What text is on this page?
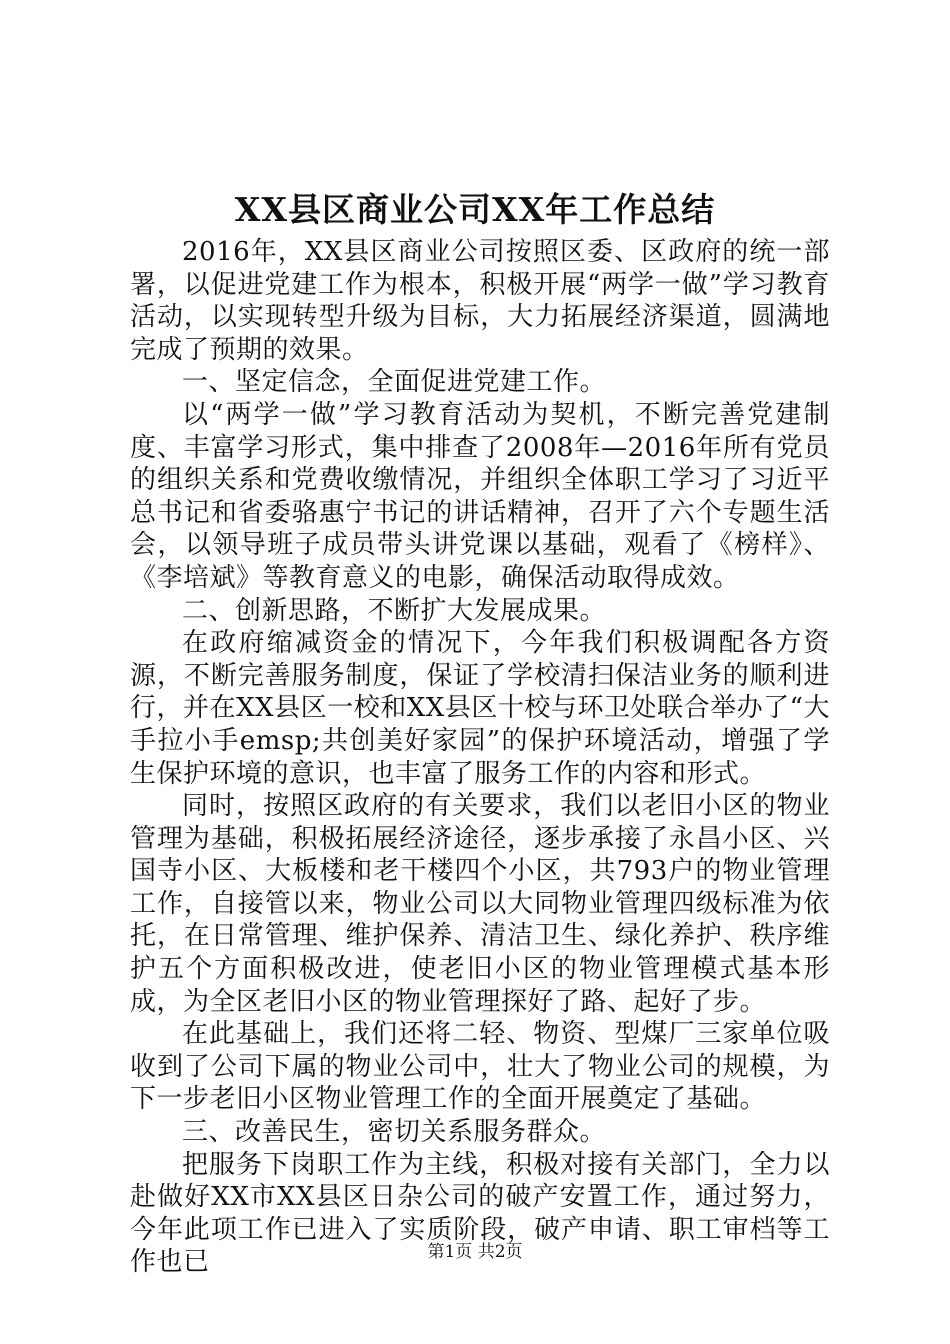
XX县区商业公司XX年工作总结

2016年，XX县区商业公司按照区委、区政府的统一部署，以促进党建工作为根本，积极开展“两学一做”学习教育活动，以实现转型升级为目标，大力拓展经济渠道，圆满地完成了预期的效果。

一、坚定信念，全面促进党建工作。

以“两学一做”学习教育活动为契机，不断完善党建制度、丰富学习形式，集中排查了2008年—2016年所有党员的组织关系和党费收缴情况，并组织全体职工学习了习近平总书记和省委骆惠宁书记的讲话精神，召开了六个专题生活会，以领导班子成员带头讲党课以基础，观看了《榜样》、《李培斌》等教育意义的电影，确保活动取得成效。

二、创新思路，不断扩大发展成果。

在政府缩减资金的情况下，今年我们积极调配各方资源，不断完善服务制度，保证了学校清扫保洁业务的顺利进行，并在XX县区一校和XX县区十校与环卫处联合举办了“大手拉小手emsp;共创美好家园”的保护环境活动，增强了学生保护环境的意识，也丰富了服务工作的内容和形式。

同时，按照区政府的有关要求，我们以老旧小区的物业管理为基础，积极拓展经济途径，逐步承接了永昌小区、兴国寺小区、大板楼和老干楼四个小区，共793户的物业管理工作，自接管以来，物业公司以大同物业管理四级标准为依托，在日常管理、维护保养、清洁卫生、绿化养护、秩序维护五个方面积极改进，使老旧小区的物业管理模式基本形成，为全区老旧小区的物业管理探好了路、起好了步。

在此基础上，我们还将二轻、物资、型煤厂三家单位吸收到了公司下属的物业公司中，壮大了物业公司的规模，为下一步老旧小区物业管理工作的全面开展奠定了基础。

三、改善民生，密切关系服务群众。

把服务下岗职工作为主线，积极对接有关部门，全力以赴做好XX市XX县区日杂公司的破产安置工作，通过努力，今年此项工作已进入了实质阶段，破产申请、职工审档等工作也已	第1页 共2页
